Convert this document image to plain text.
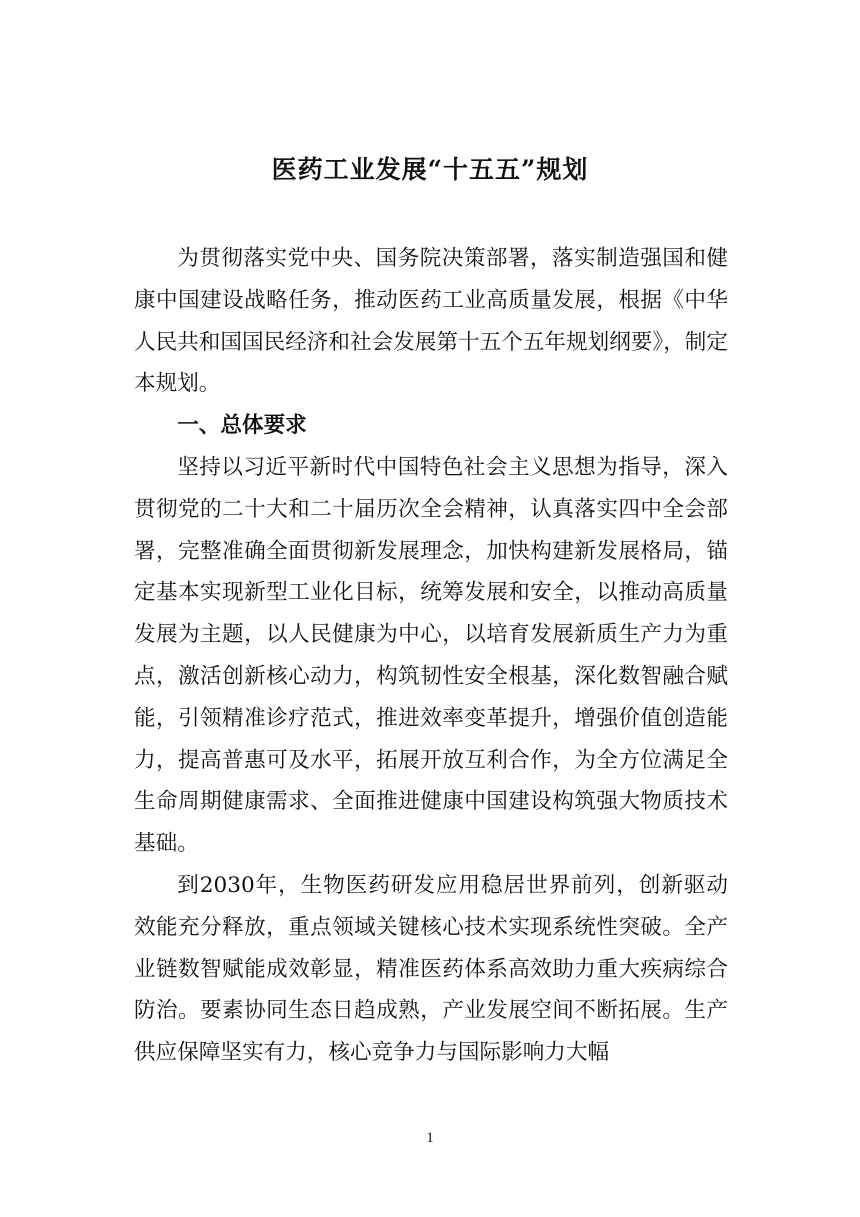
医药工业发展“十五五”规划

为贯彻落实党中央、国务院决策部署，落实制造强国和健康中国建设战略任务，推动医药工业高质量发展，根据《中华人民共和国国民经济和社会发展第十五个五年规划纲要》，制定本规划。

一、总体要求

坚持以习近平新时代中国特色社会主义思想为指导，深入贯彻党的二十大和二十届历次全会精神，认真落实四中全会部署，完整准确全面贯彻新发展理念，加快构建新发展格局，锚定基本实现新型工业化目标，统筹发展和安全，以推动高质量发展为主题，以人民健康为中心，以培育发展新质生产力为重点，激活创新核心动力，构筑韧性安全根基，深化数智融合赋能，引领精准诊疗范式，推进效率变革提升，增强价值创造能力，提高普惠可及水平，拓展开放互利合作，为全方位满足全生命周期健康需求、全面推进健康中国建设构筑强大物质技术基础。

到2030年，生物医药研发应用稳居世界前列，创新驱动效能充分释放，重点领域关键核心技术实现系统性突破。全产业链数智赋能成效彰显，精准医药体系高效助力重大疾病综合防治。要素协同生态日趋成熟，产业发展空间不断拓展。生产供应保障坚实有力，核心竞争力与国际影响力大幅

1
